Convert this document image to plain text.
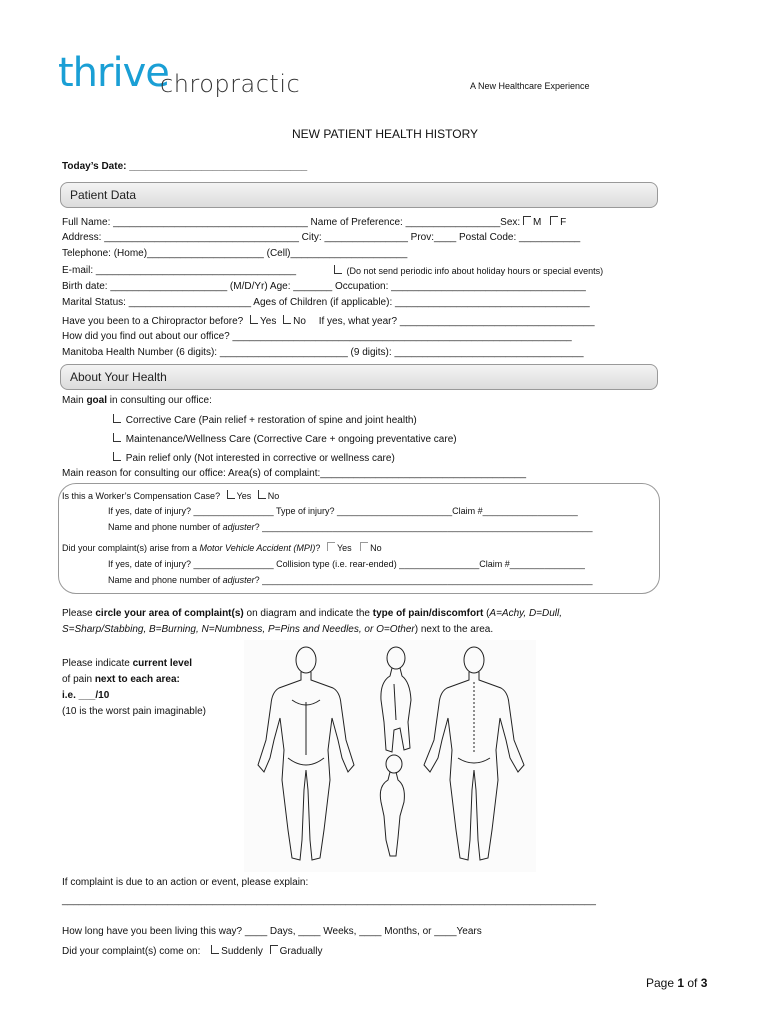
thrive
chropractic	A New Healthcare Experience
NEW PATIENT HEALTH HISTORY
Today’s Date: ________________________________
Patient Data
Full Name: ___________________________________ Name of Preference: _________________Sex: M F
Address: ___________________________________ City: _______________ Prov:____ Postal Code: ___________
Telephone: (Home)_____________________ (Cell)_____________________
E-mail: ____________________________________	(Do not send periodic info about holiday hours or special events)
Birth date: _____________________ (M/D/Yr) Age: _______ Occupation: ___________________________________
Marital Status: ______________________ Ages of Children (if applicable): ___________________________________
Have you been to a Chiropractor before? Yes No If yes, what year? ___________________________________
How did you find out about our office? _____________________________________________________________
Manitoba Health Number (6 digits): _______________________ (9 digits): __________________________________
About Your Health
Main goal in consulting our office:
Corrective Care (Pain relief + restoration of spine and joint health)
Maintenance/Wellness Care (Corrective Care + ongoing preventative care)
Pain relief only (Not interested in corrective or wellness care)
Main reason for consulting our office: Area(s) of complaint:_____________________________________
Is this a Worker’s Compensation Case? Yes No
If yes, date of injury? ________________ Type of injury? _______________________Claim #___________________
Name and phone number of adjuster? __________________________________________________________________
Did your complaint(s) arise from a Motor Vehicle Accident (MPI)? Yes No
If yes, date of injury? ________________ Collision type (i.e. rear-ended) ________________Claim #_______________
Name and phone number of adjuster? __________________________________________________________________
Please circle your area of complaint(s) on diagram and indicate the type of pain/discomfort (A=Achy, D=Dull,
S=Sharp/Stabbing, B=Burning, N=Numbness, P=Pins and Needles, or O=Other) next to the area.
Please indicate current level
of pain next to each area:
i.e. ___/10
(10 is the worst pain imaginable)
If complaint is due to an action or event, please explain:
________________________________________________________________________________________________
How long have you been living this way? ____ Days, ____ Weeks, ____ Months, or ____Years
Did your complaint(s) come on: Suddenly Gradually
Page 1 of 3
